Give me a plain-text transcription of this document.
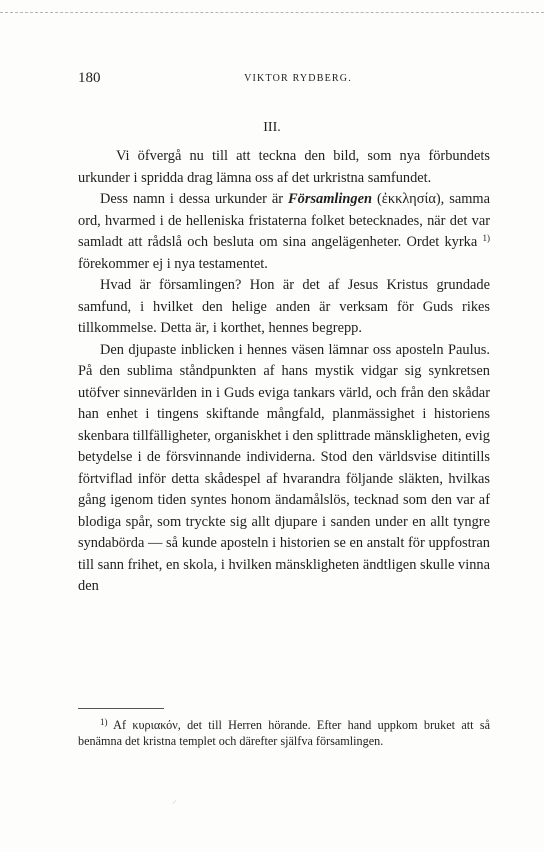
180	VIKTOR RYDBERG.
III.

Vi öfvergå nu till att teckna den bild, som nya förbundets urkunder i spridda drag lämna oss af det urkristna samfundet.

Dess namn i dessa urkunder är Församlingen (ἐκκλησία), samma ord, hvarmed i de helleniska fristaterna folket betecknades, när det var samladt att rådslå och besluta om sina angelägenheter. Ordet kyrka $^{1)}$ förekommer ej i nya testamentet.

Hvad är församlingen? Hon är det af Jesus Kristus grundade samfund, i hvilket den helige anden är verksam för Guds rikes tillkommelse. Detta är, i korthet, hennes begrepp.

Den djupaste inblicken i hennes väsen lämnar oss aposteln Paulus. På den sublima ståndpunkten af hans mystik vidgar sig synkretsen utöfver sinnevärlden in i Guds eviga tankars värld, och från den skådar han enhet i tingens skiftande mångfald, planmässighet i historiens skenbara tillfälligheter, organiskhet i den splittrade mänskligheten, evig betydelse i de försvinnande individerna. Stod den världsvise ditintills förtviflad inför detta skådespel af hvarandra följande släkten, hvilkas gång igenom tiden syntes honom ändamålslös, tecknad som den var af blodiga spår, som tryckte sig allt djupare i sanden under en allt tyngre syndabörda — så kunde aposteln i historien se en anstalt för uppfostran till sann frihet, en skola, i hvilken mänskligheten ändtligen skulle vinna den

$^{1)}$ Af κυριακόν, det till Herren hörande. Efter hand uppkom bruket att så benämna det kristna templet och därefter själfva församlingen.

⸝
